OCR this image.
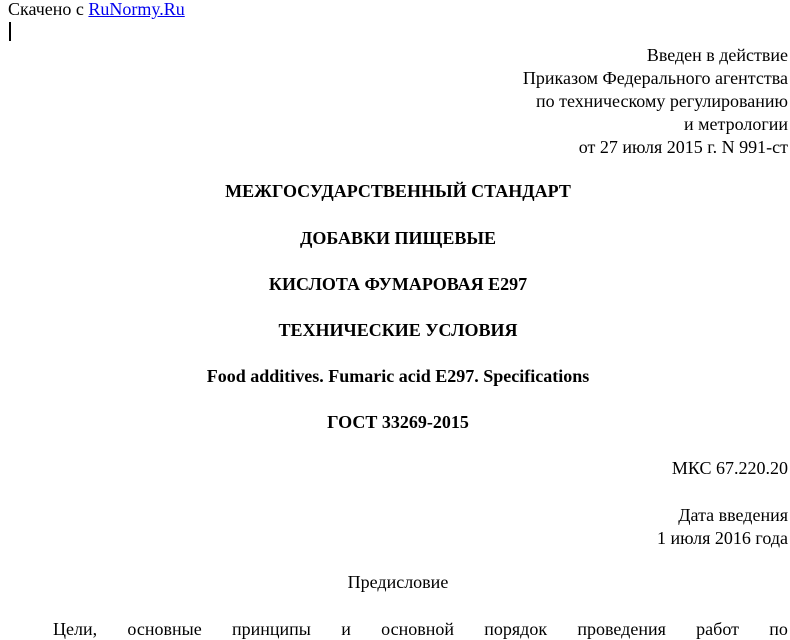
Скачено с RuNormy.Ru
Введен в действие
Приказом Федерального агентства
по техническому регулированию
и метрологии
от 27 июля 2015 г. N 991-ст
МЕЖГОСУДАРСТВЕННЫЙ СТАНДАРТ
ДОБАВКИ ПИЩЕВЫЕ
КИСЛОТА ФУМАРОВАЯ Е297
ТЕХНИЧЕСКИЕ УСЛОВИЯ
Food additives. Fumaric acid E297. Specifications
ГОСТ 33269-2015
МКС 67.220.20
Дата введения
1 июля 2016 года
Предисловие
Цели, основные принципы и основной порядок проведения работ по
